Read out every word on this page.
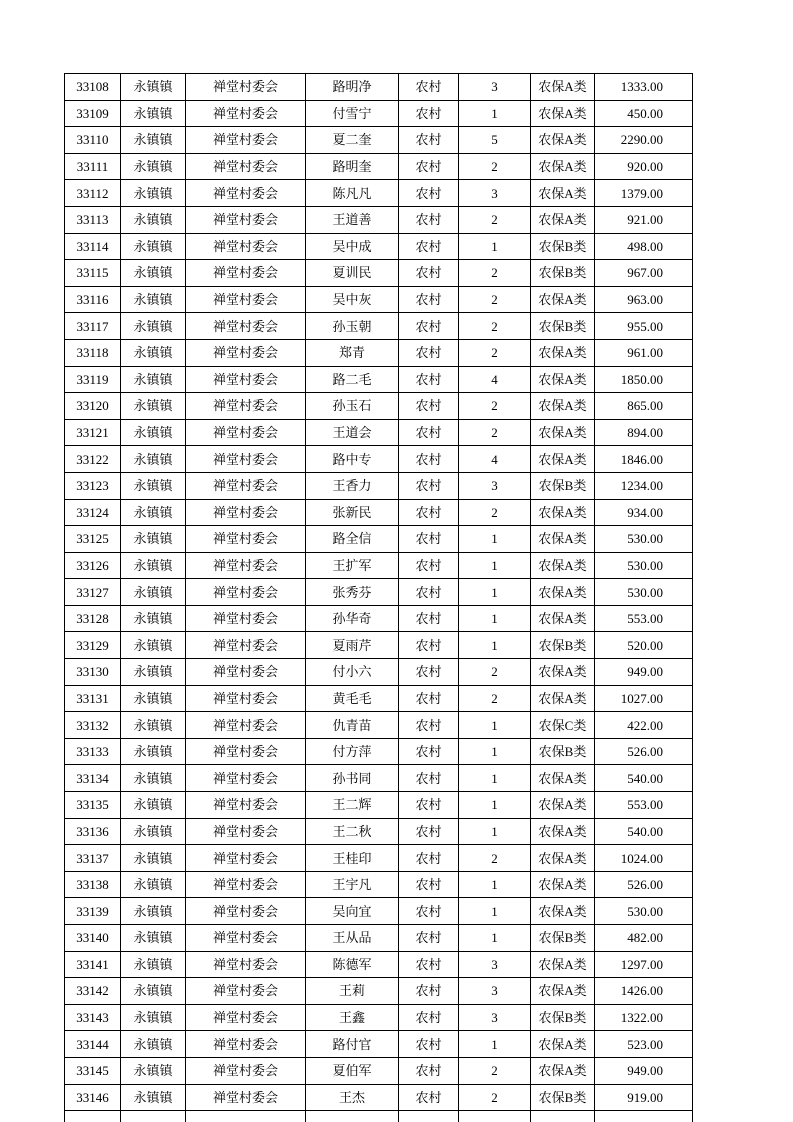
33108	永镇镇	禅堂村委会	路明净	农村	3	农保A类	1333.00
33109	永镇镇	禅堂村委会	付雪宁	农村	1	农保A类	450.00
33110	永镇镇	禅堂村委会	夏二奎	农村	5	农保A类	2290.00
33111	永镇镇	禅堂村委会	路明奎	农村	2	农保A类	920.00
33112	永镇镇	禅堂村委会	陈凡凡	农村	3	农保A类	1379.00
33113	永镇镇	禅堂村委会	王道善	农村	2	农保A类	921.00
33114	永镇镇	禅堂村委会	吴中成	农村	1	农保B类	498.00
33115	永镇镇	禅堂村委会	夏训民	农村	2	农保B类	967.00
33116	永镇镇	禅堂村委会	吴中灰	农村	2	农保A类	963.00
33117	永镇镇	禅堂村委会	孙玉朝	农村	2	农保B类	955.00
33118	永镇镇	禅堂村委会	郑青	农村	2	农保A类	961.00
33119	永镇镇	禅堂村委会	路二毛	农村	4	农保A类	1850.00
33120	永镇镇	禅堂村委会	孙玉石	农村	2	农保A类	865.00
33121	永镇镇	禅堂村委会	王道会	农村	2	农保A类	894.00
33122	永镇镇	禅堂村委会	路中专	农村	4	农保A类	1846.00
33123	永镇镇	禅堂村委会	王香力	农村	3	农保B类	1234.00
33124	永镇镇	禅堂村委会	张新民	农村	2	农保A类	934.00
33125	永镇镇	禅堂村委会	路全信	农村	1	农保A类	530.00
33126	永镇镇	禅堂村委会	王扩军	农村	1	农保A类	530.00
33127	永镇镇	禅堂村委会	张秀芬	农村	1	农保A类	530.00
33128	永镇镇	禅堂村委会	孙华奇	农村	1	农保A类	553.00
33129	永镇镇	禅堂村委会	夏雨芹	农村	1	农保B类	520.00
33130	永镇镇	禅堂村委会	付小六	农村	2	农保A类	949.00
33131	永镇镇	禅堂村委会	黄毛毛	农村	2	农保A类	1027.00
33132	永镇镇	禅堂村委会	仇青苗	农村	1	农保C类	422.00
33133	永镇镇	禅堂村委会	付方萍	农村	1	农保B类	526.00
33134	永镇镇	禅堂村委会	孙书同	农村	1	农保A类	540.00
33135	永镇镇	禅堂村委会	王二辉	农村	1	农保A类	553.00
33136	永镇镇	禅堂村委会	王二秋	农村	1	农保A类	540.00
33137	永镇镇	禅堂村委会	王桂印	农村	2	农保A类	1024.00
33138	永镇镇	禅堂村委会	王宇凡	农村	1	农保A类	526.00
33139	永镇镇	禅堂村委会	吴向宜	农村	1	农保A类	530.00
33140	永镇镇	禅堂村委会	王从品	农村	1	农保B类	482.00
33141	永镇镇	禅堂村委会	陈德军	农村	3	农保A类	1297.00
33142	永镇镇	禅堂村委会	王莉	农村	3	农保A类	1426.00
33143	永镇镇	禅堂村委会	王鑫	农村	3	农保B类	1322.00
33144	永镇镇	禅堂村委会	路付官	农村	1	农保A类	523.00
33145	永镇镇	禅堂村委会	夏伯军	农村	2	农保A类	949.00
33146	永镇镇	禅堂村委会	王杰	农村	2	农保B类	919.00
